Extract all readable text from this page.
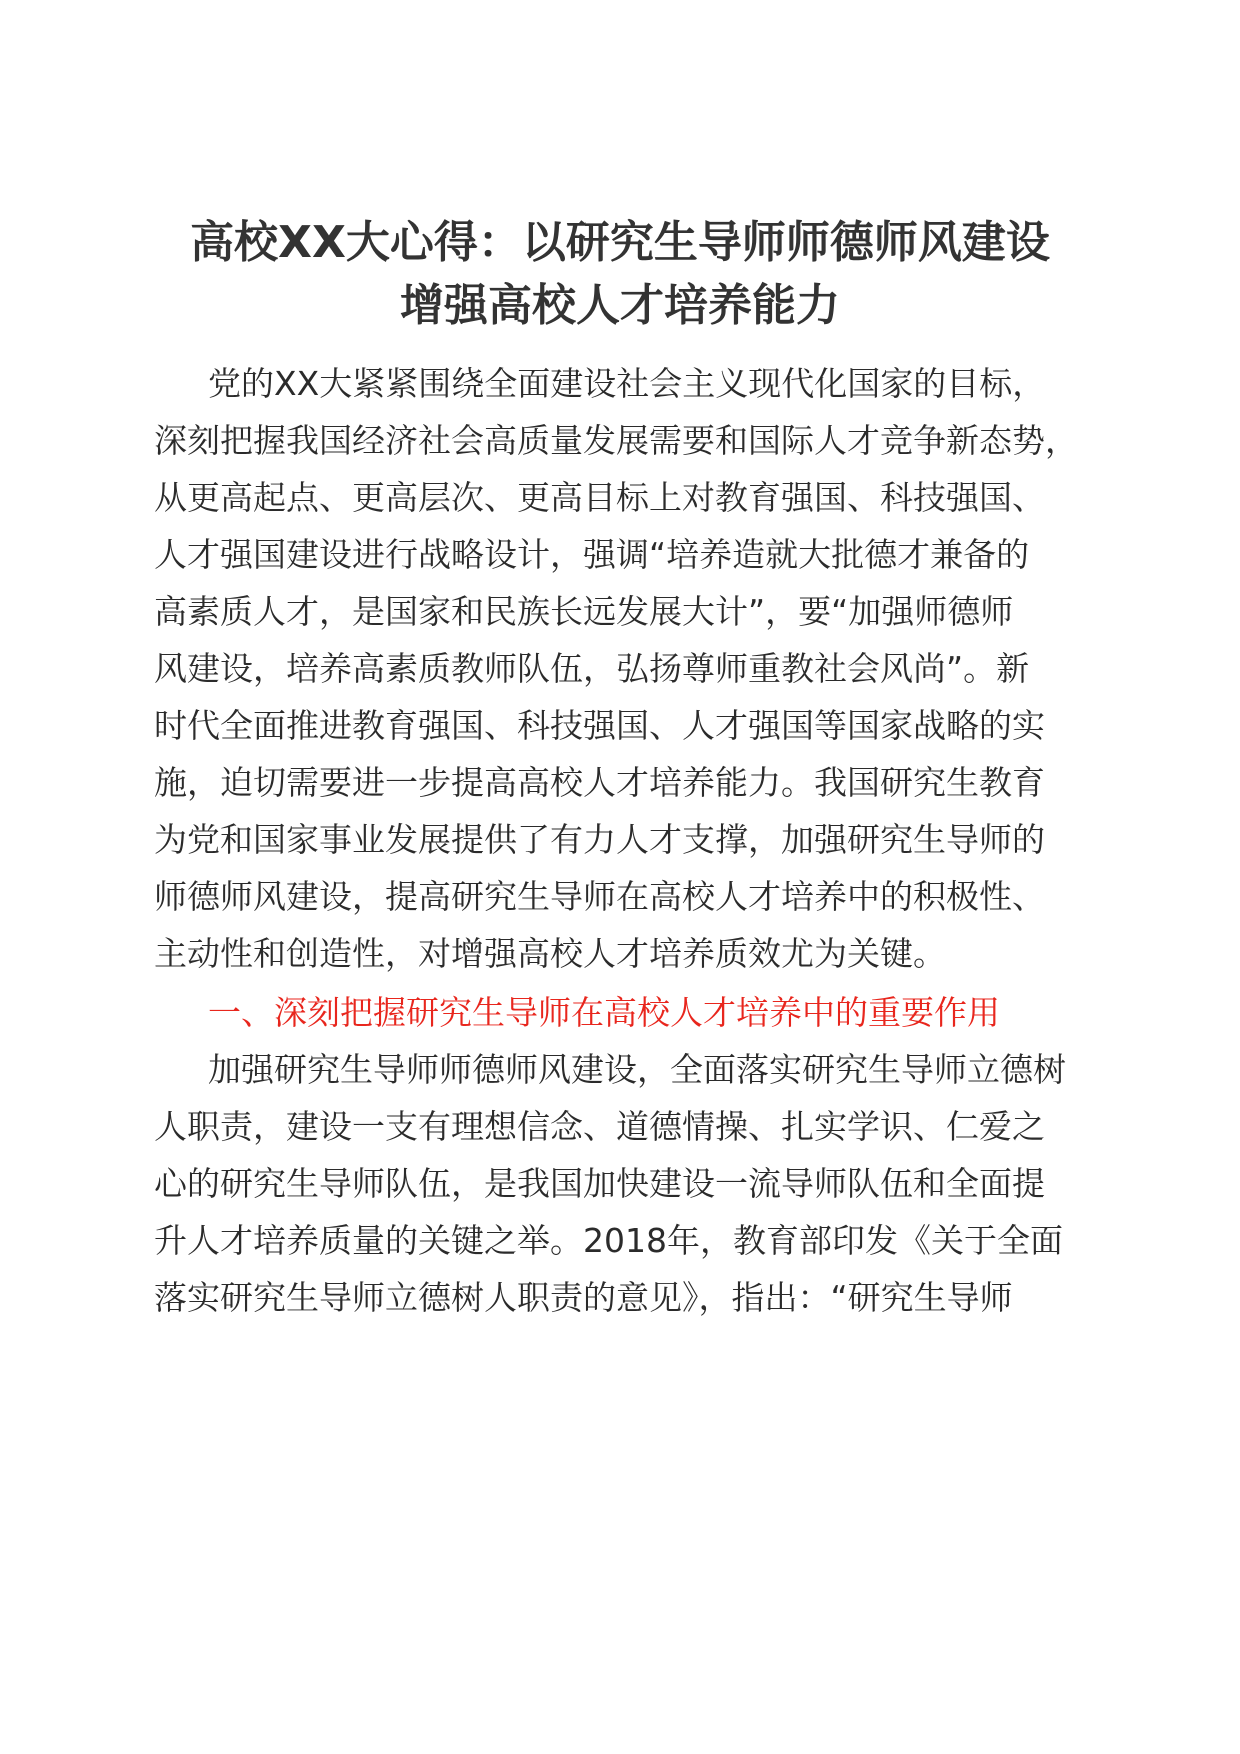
高校XX大心得：以研究生导师师德师风建设
增强高校人才培养能力
党的XX大紧紧围绕全面建设社会主义现代化国家的目标，
深刻把握我国经济社会高质量发展需要和国际人才竞争新态势，
从更高起点、更高层次、更高目标上对教育强国、科技强国、
人才强国建设进行战略设计，强调“培养造就大批德才兼备的
高素质人才，是国家和民族长远发展大计”，要“加强师德师
风建设，培养高素质教师队伍，弘扬尊师重教社会风尚”。新
时代全面推进教育强国、科技强国、人才强国等国家战略的实
施，迫切需要进一步提高高校人才培养能力。我国研究生教育
为党和国家事业发展提供了有力人才支撑，加强研究生导师的
师德师风建设，提高研究生导师在高校人才培养中的积极性、
主动性和创造性，对增强高校人才培养质效尤为关键。
一、深刻把握研究生导师在高校人才培养中的重要作用
加强研究生导师师德师风建设，全面落实研究生导师立德树
人职责，建设一支有理想信念、道德情操、扎实学识、仁爱之
心的研究生导师队伍，是我国加快建设一流导师队伍和全面提
升人才培养质量的关键之举。2018年，教育部印发《关于全面
落实研究生导师立德树人职责的意见》，指出：“研究生导师
